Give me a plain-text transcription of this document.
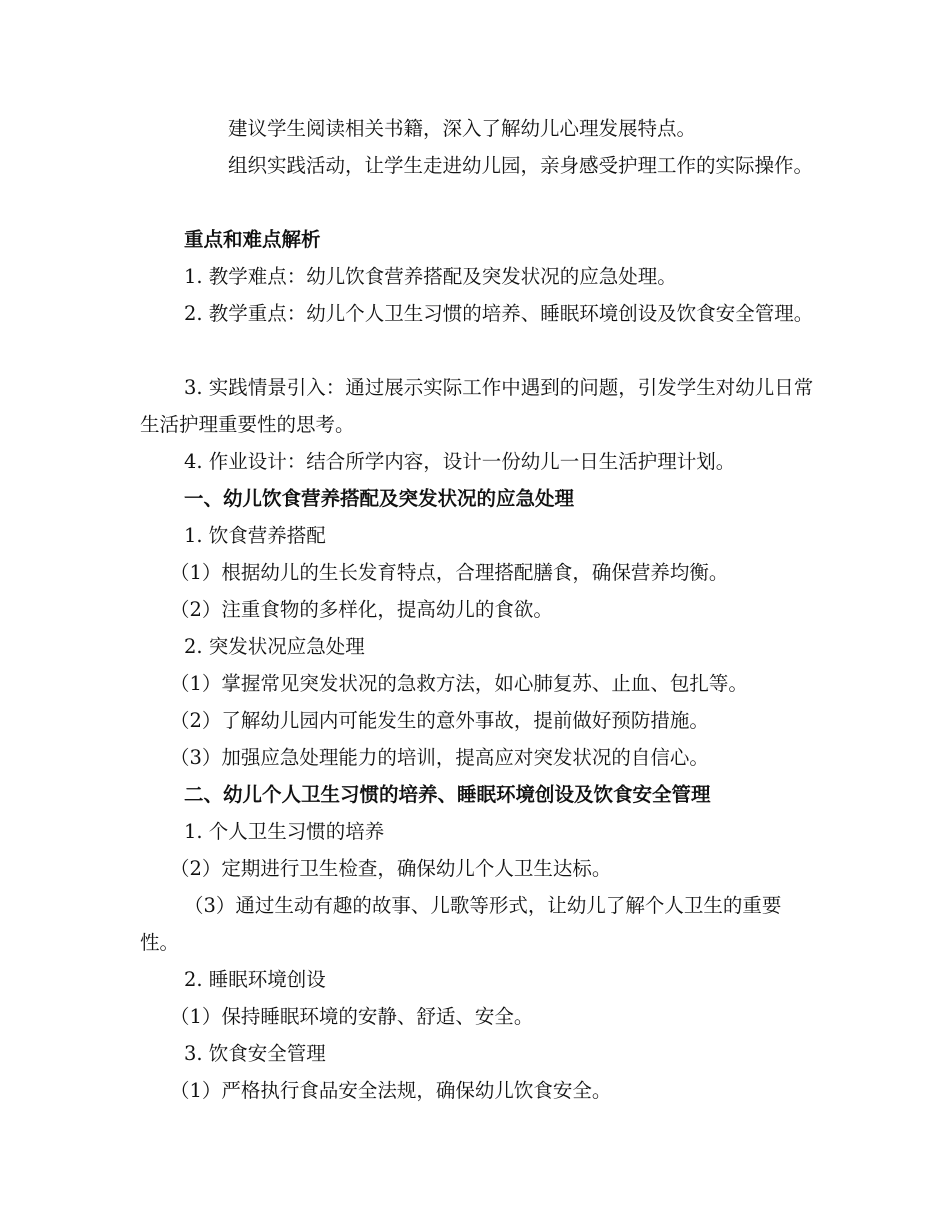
建议学生阅读相关书籍，深入了解幼儿心理发展特点。
组织实践活动，让学生走进幼儿园，亲身感受护理工作的实际操作。
重点和难点解析
1. 教学难点：幼儿饮食营养搭配及突发状况的应急处理。
2. 教学重点：幼儿个人卫生习惯的培养、睡眠环境创设及饮食安全管理。
3. 实践情景引入：通过展示实际工作中遇到的问题，引发学生对幼儿日常生活护理重要性的思考。
4. 作业设计：结合所学内容，设计一份幼儿一日生活护理计划。
一、幼儿饮食营养搭配及突发状况的应急处理
1. 饮食营养搭配
（1）根据幼儿的生长发育特点，合理搭配膳食，确保营养均衡。
（2）注重食物的多样化，提高幼儿的食欲。
2. 突发状况应急处理
（1）掌握常见突发状况的急救方法，如心肺复苏、止血、包扎等。
（2）了解幼儿园内可能发生的意外事故，提前做好预防措施。
（3）加强应急处理能力的培训，提高应对突发状况的自信心。
二、幼儿个人卫生习惯的培养、睡眠环境创设及饮食安全管理
1. 个人卫生习惯的培养
（2）定期进行卫生检查，确保幼儿个人卫生达标。
（3）通过生动有趣的故事、儿歌等形式，让幼儿了解个人卫生的重要性。
2. 睡眠环境创设
（1）保持睡眠环境的安静、舒适、安全。
3. 饮食安全管理
（1）严格执行食品安全法规，确保幼儿饮食安全。
